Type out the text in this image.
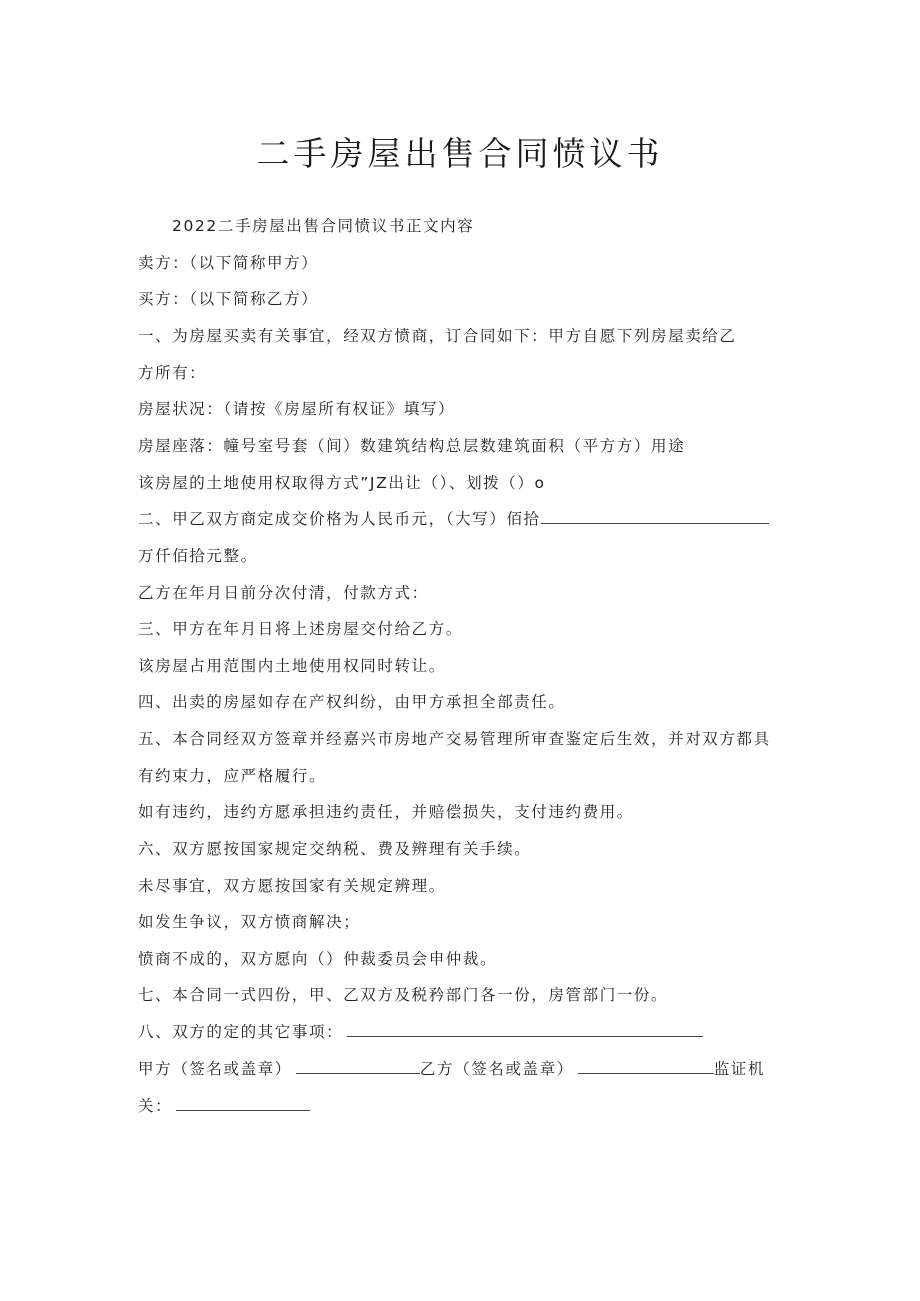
二手房屋出售合同愤议书
2022二手房屋出售合同愤议书正文内容
卖方：（以下简称甲方）
买方：（以下简称乙方）
一、为房屋买卖有关事宜，经双方愤商，订合同如下：甲方自愿下列房屋卖给乙
方所有：
房屋状况：（请按《房屋所有权证》填写）
房屋座落：幢号室号套（间）数建筑结构总层数建筑面积（平方方）用途
该房屋的土地使用权取得方式”JZ出让（）、划拨（）o
二、甲乙双方商定成交价格为人民币元，（大写）佰拾
万仟佰拾元整。
乙方在年月日前分次付清，付款方式：
三、甲方在年月日将上述房屋交付给乙方。
该房屋占用范围内土地使用权同时转让。
四、出卖的房屋如存在产权纠纷，由甲方承担全部责任。
五、本合同经双方签章并经嘉兴市房地产交易管理所审查鉴定后生效，并对双方都具
有约束力，应严格履行。
如有违约，违约方愿承担违约责任，并赔偿损失，支付违约费用。
六、双方愿按国家规定交纳税、费及辨理有关手续。
未尽事宜，双方愿按国家有关规定辨理。
如发生争议，双方愤商解决；
愤商不成的，双方愿向（）仲裁委员会申仲裁。
七、本合同一式四份，甲、乙双方及税矜部门各一份，房管部门一份。
八、双方的定的其它事项：
甲方（签名或盖章）	乙方（签名或盖章）	监证机
关：
